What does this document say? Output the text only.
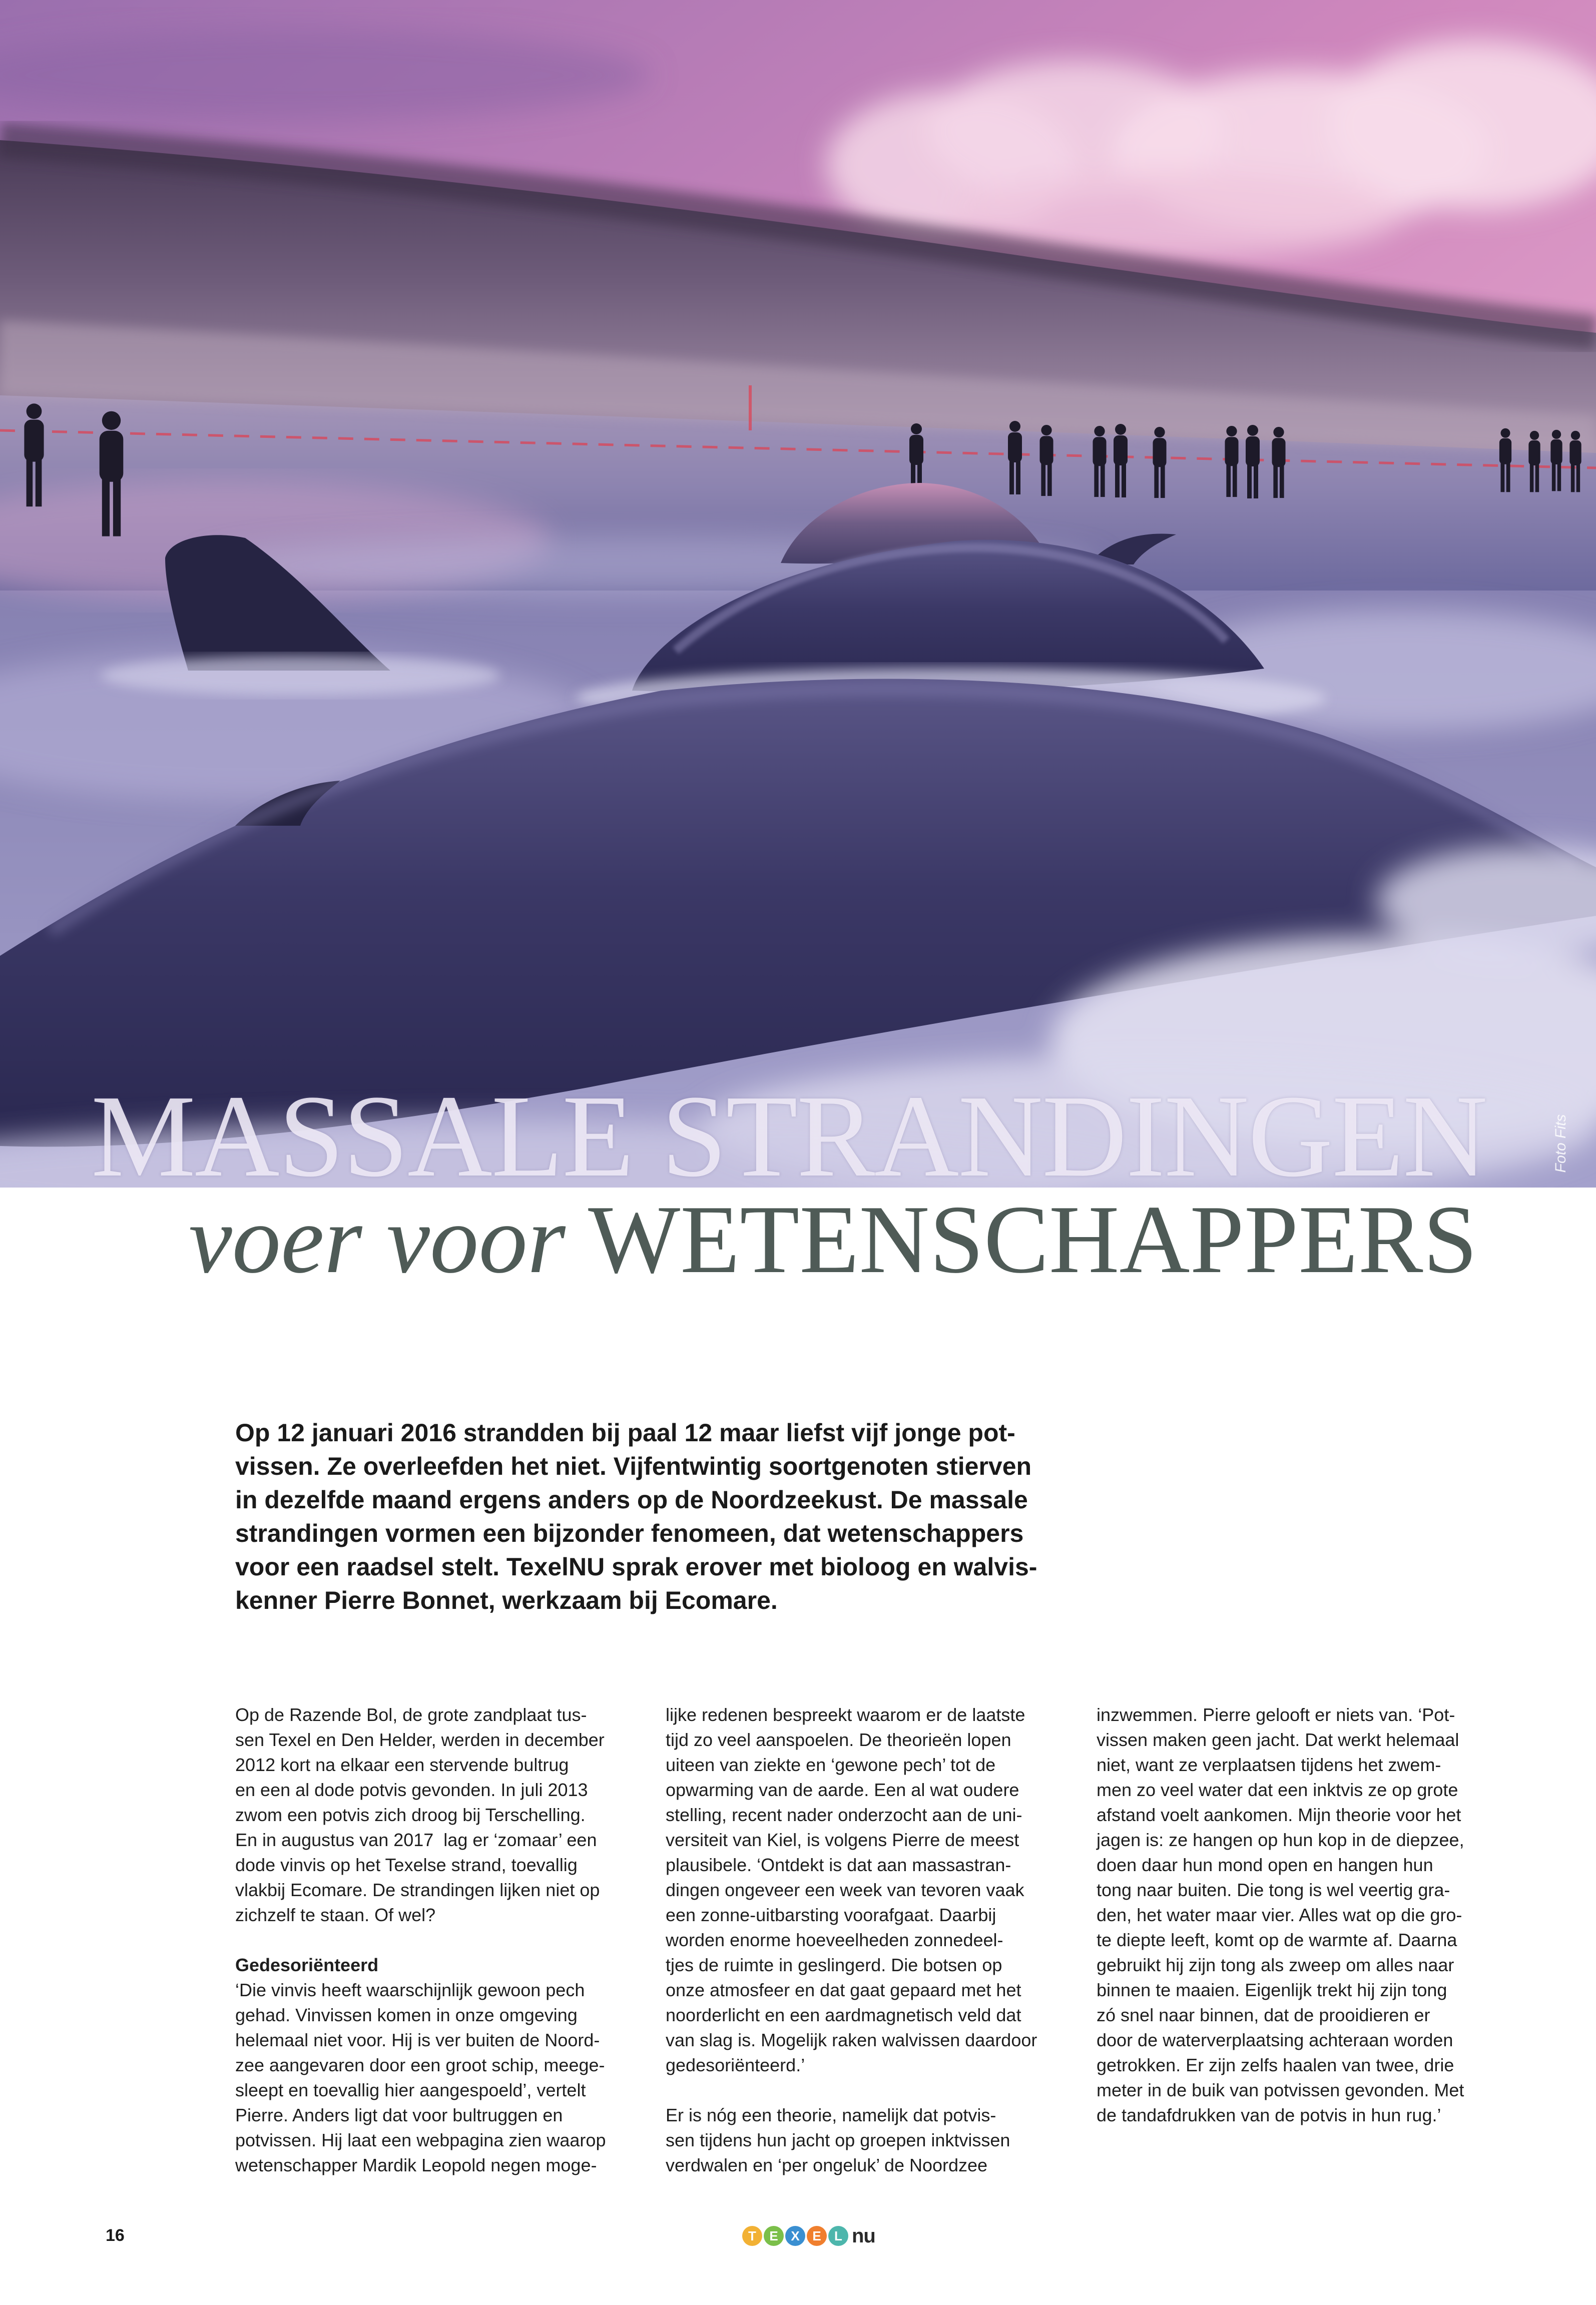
Foto Fits
MASSALE STRANDINGEN
voer voor WETENSCHAPPERS
Op 12 januari 2016 strandden bij paal 12 maar liefst vijf jonge pot-
vissen. Ze overleefden het niet. Vijfentwintig soortgenoten stierven
in dezelfde maand ergens anders op de Noordzeekust. De massale
strandingen vormen een bijzonder fenomeen, dat wetenschappers
voor een raadsel stelt. TexelNU sprak erover met bioloog en walvis-
kenner Pierre Bonnet, werkzaam bij Ecomare.
Op de Razende Bol, de grote zandplaat tus-
sen Texel en Den Helder, werden in december
2012 kort na elkaar een stervende bultrug
en een al dode potvis gevonden. In juli 2013
zwom een potvis zich droog bij Terschelling.
En in augustus van 2017  lag er ‘zomaar’ een
dode vinvis op het Texelse strand, toevallig
vlakbij Ecomare. De strandingen lijken niet op
zichzelf te staan. Of wel?
Gedesoriënteerd
‘Die vinvis heeft waarschijnlijk gewoon pech
gehad. Vinvissen komen in onze omgeving
helemaal niet voor. Hij is ver buiten de Noord-
zee aangevaren door een groot schip, meege-
sleept en toevallig hier aangespoeld’, vertelt
Pierre. Anders ligt dat voor bultruggen en
potvissen. Hij laat een webpagina zien waarop
wetenschapper Mardik Leopold negen moge-
lijke redenen bespreekt waarom er de laatste
tijd zo veel aanspoelen. De theorieën lopen
uiteen van ziekte en ‘gewone pech’ tot de
opwarming van de aarde. Een al wat oudere
stelling, recent nader onderzocht aan de uni-
versiteit van Kiel, is volgens Pierre de meest
plausibele. ‘Ontdekt is dat aan massastran-
dingen ongeveer een week van tevoren vaak
een zonne-uitbarsting voorafgaat. Daarbij
worden enorme hoeveelheden zonnedeel-
tjes de ruimte in geslingerd. Die botsen op
onze atmosfeer en dat gaat gepaard met het
noorderlicht en een aardmagnetisch veld dat
van slag is. Mogelijk raken walvissen daardoor
gedesoriënteerd.’
Er is nóg een theorie, namelijk dat potvis-
sen tijdens hun jacht op groepen inktvissen
verdwalen en ‘per ongeluk’ de Noordzee
inzwemmen. Pierre gelooft er niets van. ‘Pot-
vissen maken geen jacht. Dat werkt helemaal
niet, want ze verplaatsen tijdens het zwem-
men zo veel water dat een inktvis ze op grote
afstand voelt aankomen. Mijn theorie voor het
jagen is: ze hangen op hun kop in de diepzee,
doen daar hun mond open en hangen hun
tong naar buiten. Die tong is wel veertig gra-
den, het water maar vier. Alles wat op die gro-
te diepte leeft, komt op de warmte af. Daarna
gebruikt hij zijn tong als zweep om alles naar
binnen te maaien. Eigenlijk trekt hij zijn tong
zó snel naar binnen, dat de prooidieren er
door de waterverplaatsing achteraan worden
getrokken. Er zijn zelfs haalen van twee, drie
meter in de buik van potvissen gevonden. Met
de tandafdrukken van de potvis in hun rug.’
16	T	E X E	L nu
